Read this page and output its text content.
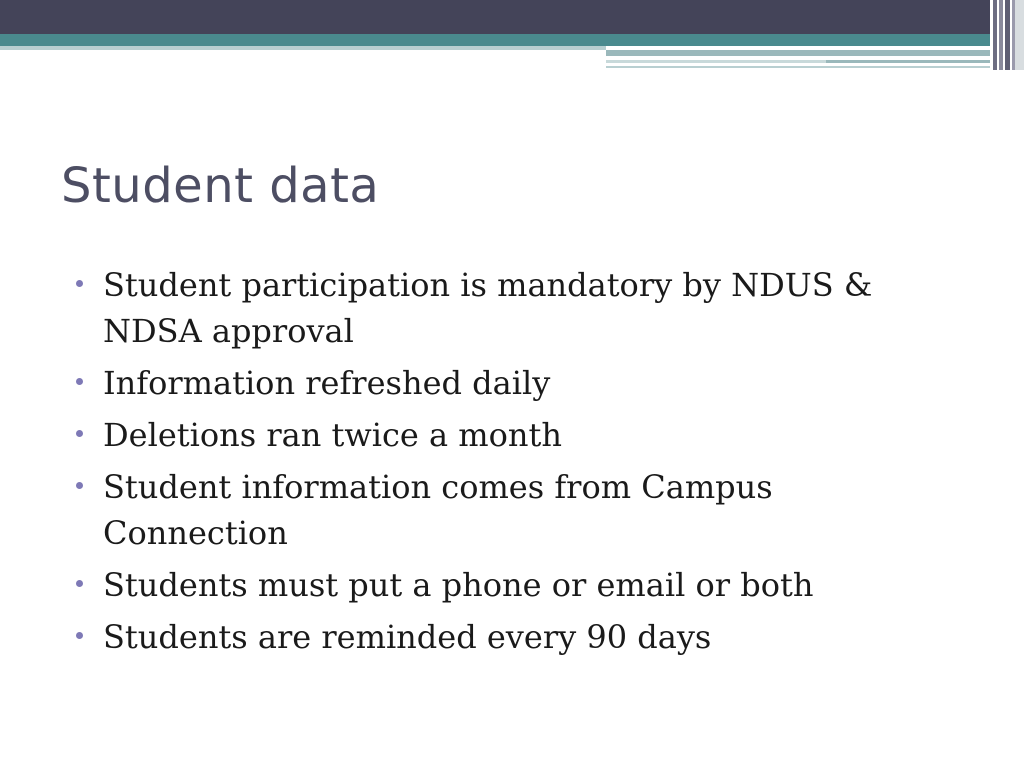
Student data
Student participation is mandatory by NDUS & NDSA approval
Information refreshed daily
Deletions ran twice a month
Student information comes from Campus Connection
Students must put a phone or email or both
Students are reminded every 90 days
